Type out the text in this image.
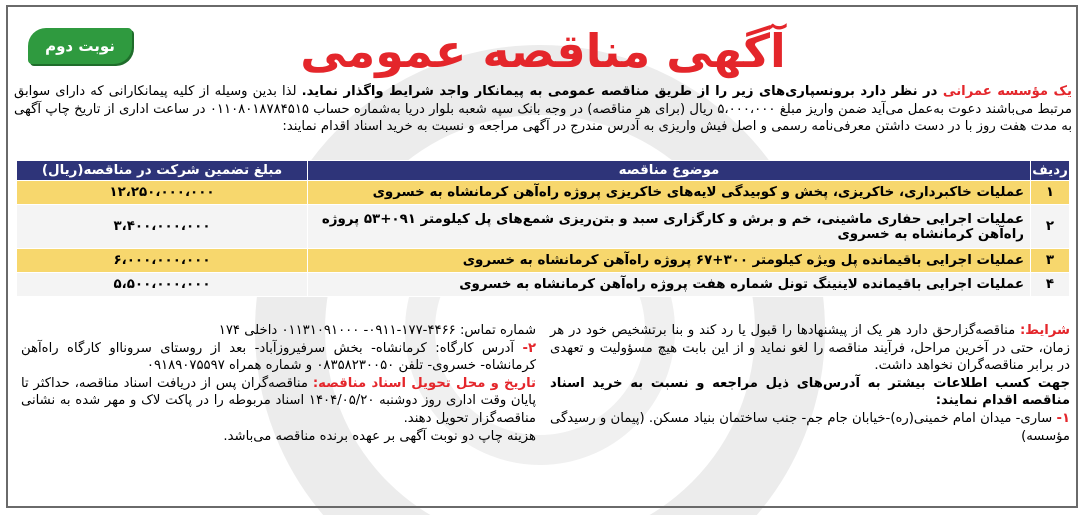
نوبت دوم	آگهی مناقصه عمومی
یک مؤسسه عمرانی در نظر دارد برونسپاری‌های زیر را از طریق مناقصه عمومی به پیمانکار واجد شرایط واگذار نماید. لذا بدین وسیله از کلیه پیمانکارانی که دارای سوابق مرتبط می‌باشند دعوت به‌عمل می‌آید ضمن واریز مبلغ ۵،۰۰۰،۰۰۰ ریال (برای هر مناقصه) در وجه بانک سپه شعبه بلوار دریا به‌شماره حساب ۰۱۱‌۰۸۰۱۸۷۸۴۵۱۵ در ساعت اداری از تاریخ چاپ آگهی به مدت هفت روز با در دست داشتن معرفی‌نامه رسمی و اصل فیش واریزی به آدرس مندرج در آگهی مراجعه و نسبت به خرید اسناد اقدام نمایند:
ردیف	موضوع مناقصه	مبلغ تضمین شرکت در مناقصه(ریال)
۱	عملیات خاکبرداری، خاکریزی، پخش و کوبیدگی لایه‌های خاکریزی پروژه راه‌آهن کرمانشاه به خسروی	۱۲،۲۵۰،۰۰۰،۰۰۰
۲	عملیات اجرایی حفاری ماشینی، خم و برش و کارگزاری سبد و بتن‌ریزی شمع‌های پل کیلومتر ۰۹۱+۵۳ پروژه راه‌آهن کرمانشاه به خسروی	۳،۴۰۰،۰۰۰،۰۰۰
۳	عملیات اجرایی باقیمانده پل ویژه کیلومتر ۳۰۰+۶۷ پروژه راه‌آهن کرمانشاه به خسروی	۶،۰۰۰،۰۰۰،۰۰۰
۴	عملیات اجرایی باقیمانده لاینینگ تونل شماره هفت پروژه راه‌آهن کرمانشاه به خسروی	۵،۵۰۰،۰۰۰،۰۰۰

شرایط: مناقصه‌گزارحق دارد هر یک از پیشنهادها را قبول یا رد کند و بنا برتشخیص خود در هر زمان، حتی در آخرین مراحل، فرآیند مناقصه را لغو نماید و از این بابت هیچ مسؤولیت و تعهدی در برابر مناقصه‌گران نخواهد داشت.

جهت کسب اطلاعات بیشتر به آدرس‌های ذیل مراجعه و نسبت به خرید اسناد مناقصه اقدام نمایند:

۱- ساری- میدان امام خمینی(ره)-خیابان جام جم- جنب ساختمان بنیاد مسکن. (پیمان و رسیدگی مؤسسه)

شماره تماس: ۴۴۶۶-۱۷۷-۰۹۱۱- ۰۱۱۳۱۰۹۱۰۰۰ داخلی ۱۷۴

۲- آدرس کارگاه: کرمانشاه- بخش سرفیروزآباد- بعد از روستای سرونااو کارگاه راه‌آهن کرمانشاه- خسروی- تلفن ۰۸۳۵۸۲۳۰۰۵۰ و شماره همراه ۰۹۱۸۹۰۷۵۵۹۷

تاریخ و محل تحویل اسناد مناقصه: مناقصه‌گران پس از دریافت اسناد مناقصه، حداکثر تا پایان وقت اداری روز دوشنبه ۱۴۰۴/۰۵/۲۰ اسناد مربوطه را در پاکت لاک و مهر شده به نشانی مناقصه‌گزار تحویل دهند.

هزینه چاپ دو نوبت آگهی بر عهده برنده مناقصه می‌باشد.
